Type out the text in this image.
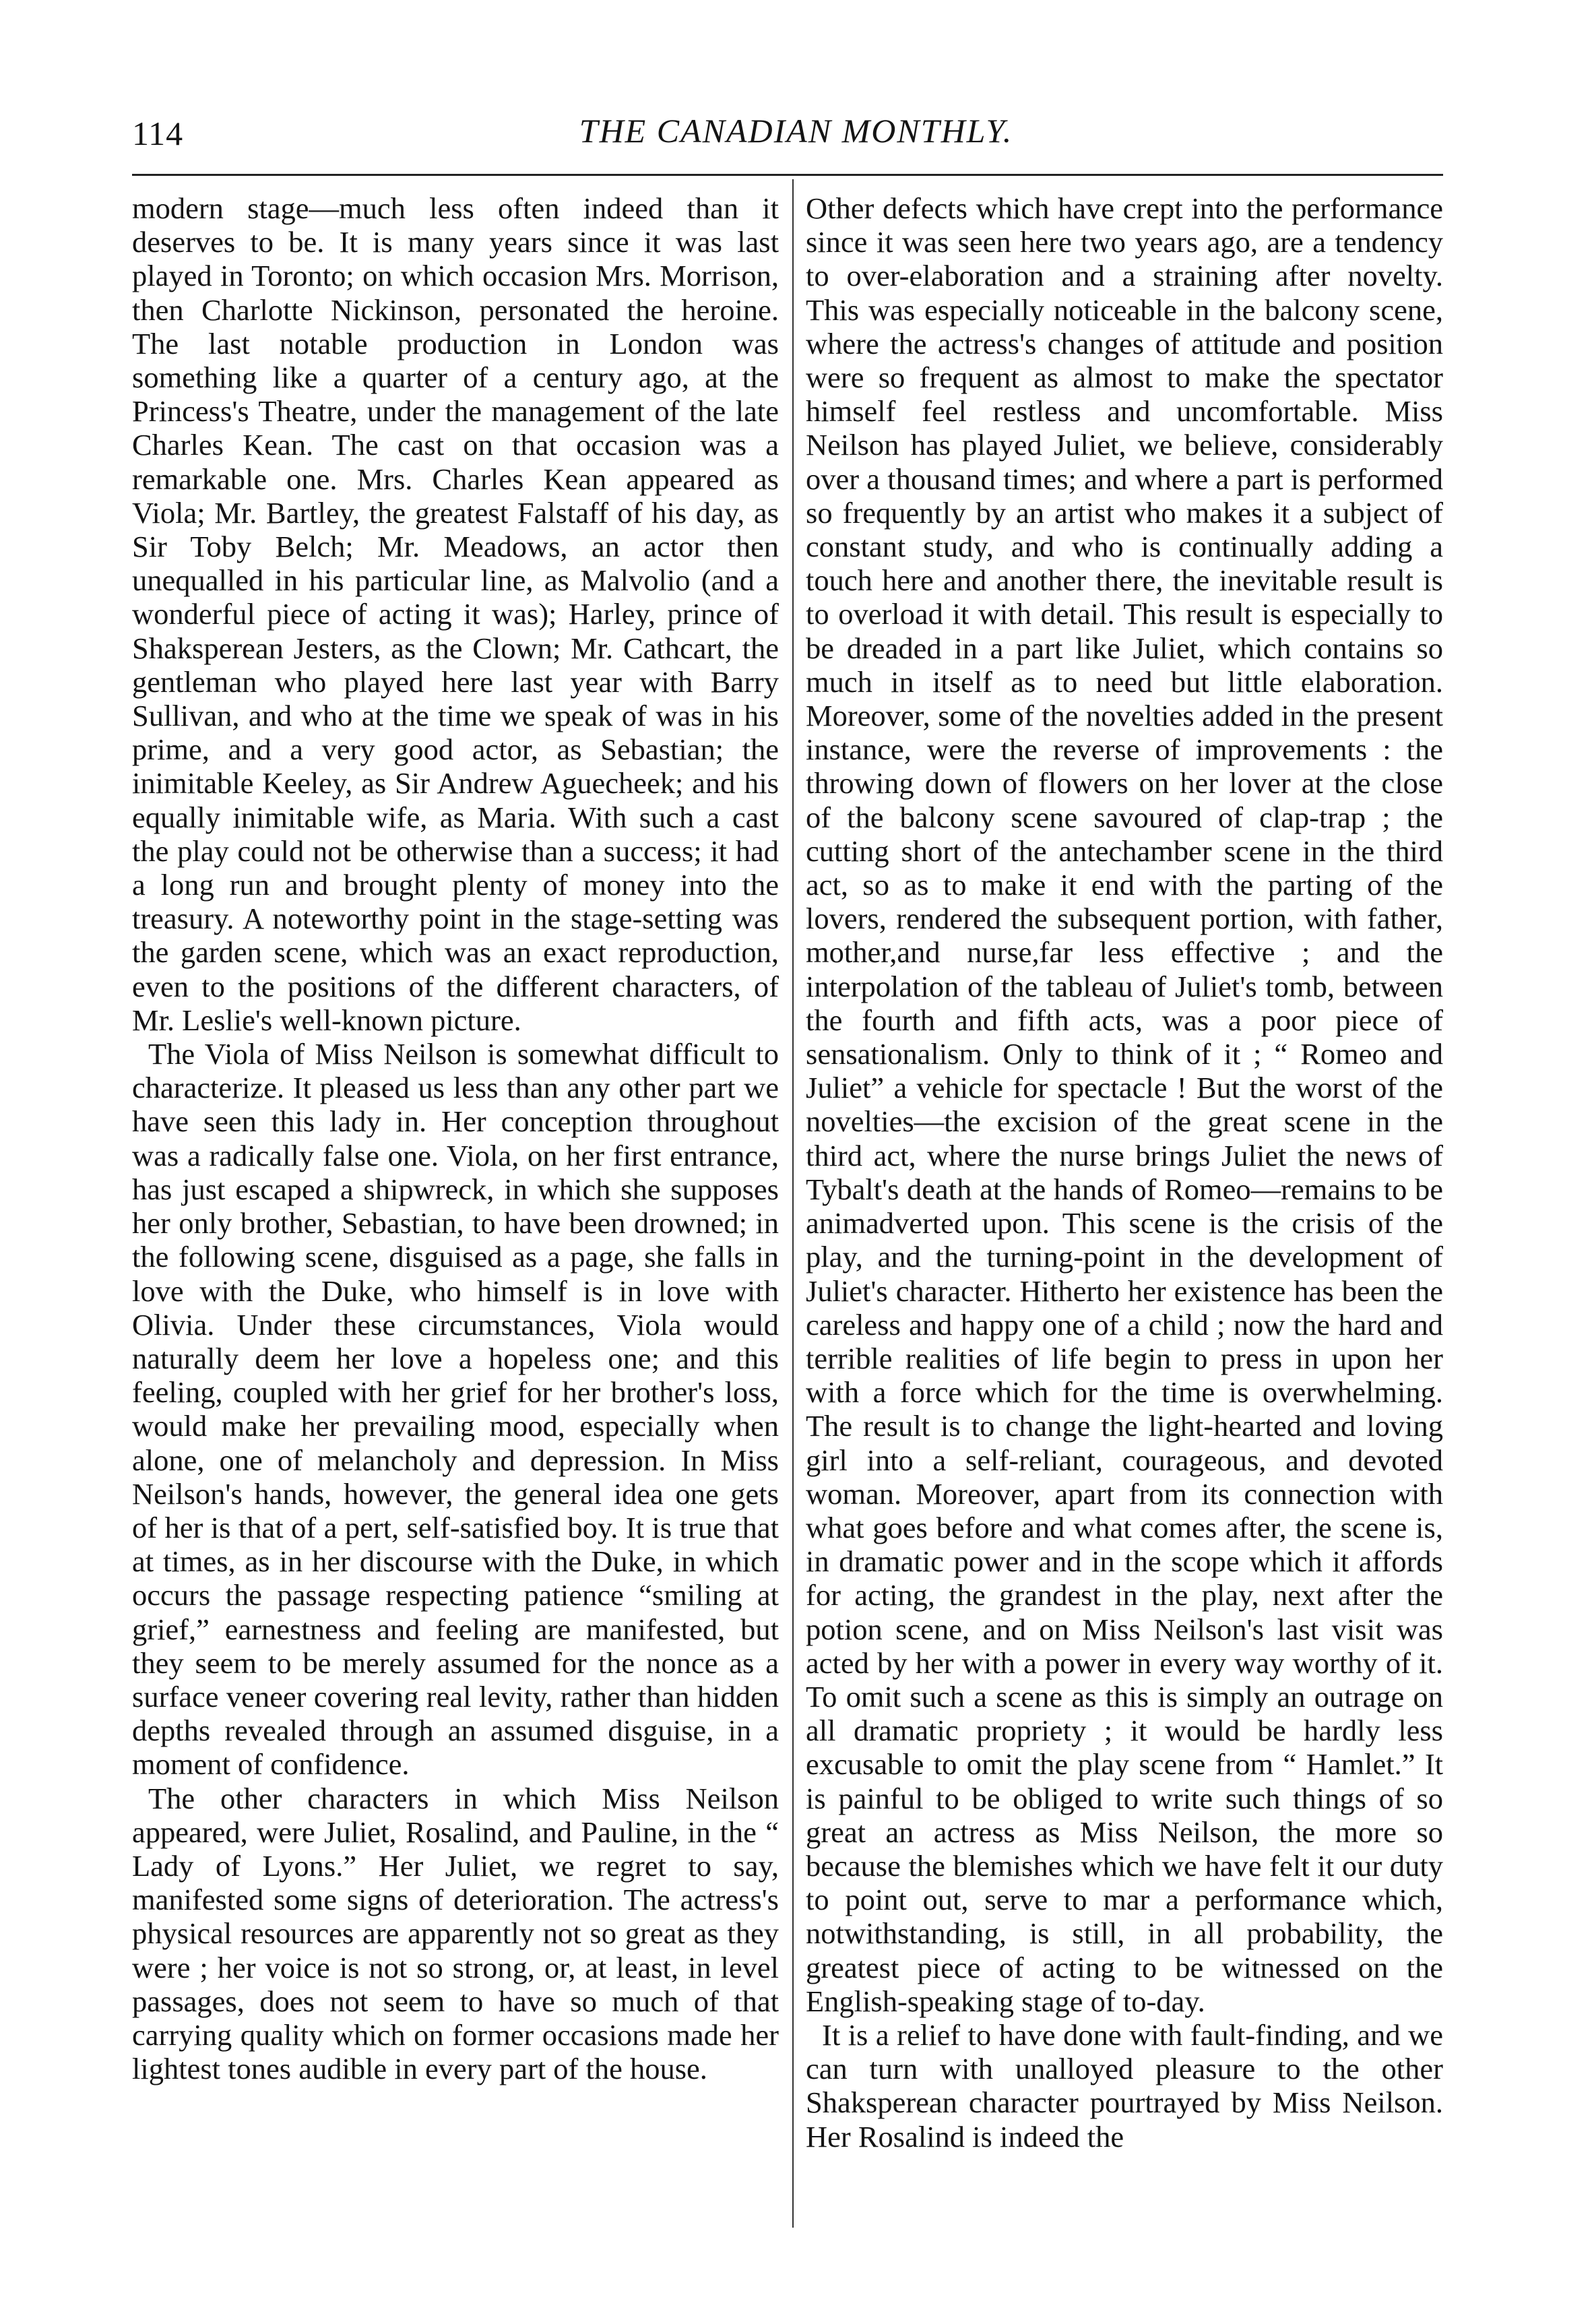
114	THE CANADIAN MONTHLY.

modern stage—much less often indeed than it deserves to be. It is many years since it was last played in Toronto; on which occasion Mrs. Morrison, then Charlotte Nickinson, personated the heroine. The last notable production in London was something like a quarter of a century ago, at the Princess's Theatre, under the management of the late Charles Kean. The cast on that occasion was a remarkable one. Mrs. Charles Kean appeared as Viola; Mr. Bartley, the greatest Falstaff of his day, as Sir Toby Belch; Mr. Meadows, an actor then unequalled in his particular line, as Malvolio (and a wonderful piece of acting it was); Harley, prince of Shaksperean Jesters, as the Clown; Mr. Cathcart, the gentleman who played here last year with Barry Sullivan, and who at the time we speak of was in his prime, and a very good actor, as Sebastian; the inimitable Keeley, as Sir Andrew Aguecheek; and his equally inimitable wife, as Maria. With such a cast the play could not be otherwise than a success; it had a long run and brought plenty of money into the treasury. A noteworthy point in the stage-setting was the garden scene, which was an exact reproduction, even to the positions of the different characters, of Mr. Leslie's well-known picture.

The Viola of Miss Neilson is somewhat difficult to characterize. It pleased us less than any other part we have seen this lady in. Her conception throughout was a radically false one. Viola, on her first entrance, has just escaped a shipwreck, in which she supposes her only brother, Sebastian, to have been drowned; in the following scene, disguised as a page, she falls in love with the Duke, who himself is in love with Olivia. Under these circumstances, Viola would naturally deem her love a hopeless one; and this feeling, coupled with her grief for her brother's loss, would make her prevailing mood, especially when alone, one of melancholy and depression. In Miss Neilson's hands, however, the general idea one gets of her is that of a pert, self-satisfied boy. It is true that at times, as in her discourse with the Duke, in which occurs the passage respecting patience “smiling at grief,” earnestness and feeling are manifested, but they seem to be merely assumed for the nonce as a surface veneer covering real levity, rather than hidden depths revealed through an assumed disguise, in a moment of confidence.

The other characters in which Miss Neilson appeared, were Juliet, Rosalind, and Pauline, in the “ Lady of Lyons.” Her Juliet, we regret to say, manifested some signs of deterioration. The actress's physical resources are apparently not so great as they were ; her voice is not so strong, or, at least, in level passages, does not seem to have so much of that carrying quality which on former occasions made her lightest tones audible in every part of the house.

Other defects which have crept into the performance since it was seen here two years ago, are a tendency to over-elaboration and a straining after novelty. This was especially noticeable in the balcony scene, where the actress's changes of attitude and position were so frequent as almost to make the spectator himself feel restless and uncomfortable. Miss Neilson has played Juliet, we believe, considerably over a thousand times; and where a part is performed so frequently by an artist who makes it a subject of constant study, and who is continually adding a touch here and another there, the inevitable result is to overload it with detail. This result is especially to be dreaded in a part like Juliet, which contains so much in itself as to need but little elaboration. Moreover, some of the novelties added in the present instance, were the reverse of improvements : the throwing down of flowers on her lover at the close of the balcony scene savoured of clap-trap ; the cutting short of the antechamber scene in the third act, so as to make it end with the parting of the lovers, rendered the subsequent portion, with father, mother,and nurse,far less effective ; and the interpolation of the tableau of Juliet's tomb, between the fourth and fifth acts, was a poor piece of sensationalism. Only to think of it ; “ Romeo and Juliet” a vehicle for spectacle ! But the worst of the novelties—the excision of the great scene in the third act, where the nurse brings Juliet the news of Tybalt's death at the hands of Romeo—remains to be animadverted upon. This scene is the crisis of the play, and the turning-point in the development of Juliet's character. Hitherto her existence has been the careless and happy one of a child ; now the hard and terrible realities of life begin to press in upon her with a force which for the time is overwhelming. The result is to change the light-hearted and loving girl into a self-reliant, courageous, and devoted woman. Moreover, apart from its connection with what goes before and what comes after, the scene is, in dramatic power and in the scope which it affords for acting, the grandest in the play, next after the potion scene, and on Miss Neilson's last visit was acted by her with a power in every way worthy of it. To omit such a scene as this is simply an outrage on all dramatic propriety ; it would be hardly less excusable to omit the play scene from “ Hamlet.” It is painful to be obliged to write such things of so great an actress as Miss Neilson, the more so because the blemishes which we have felt it our duty to point out, serve to mar a performance which, notwithstanding, is still, in all probability, the greatest piece of acting to be witnessed on the English-speaking stage of to-day.

It is a relief to have done with fault-finding, and we can turn with unalloyed pleasure to the other Shaksperean character pourtrayed by Miss Neilson. Her Rosalind is indeed the
